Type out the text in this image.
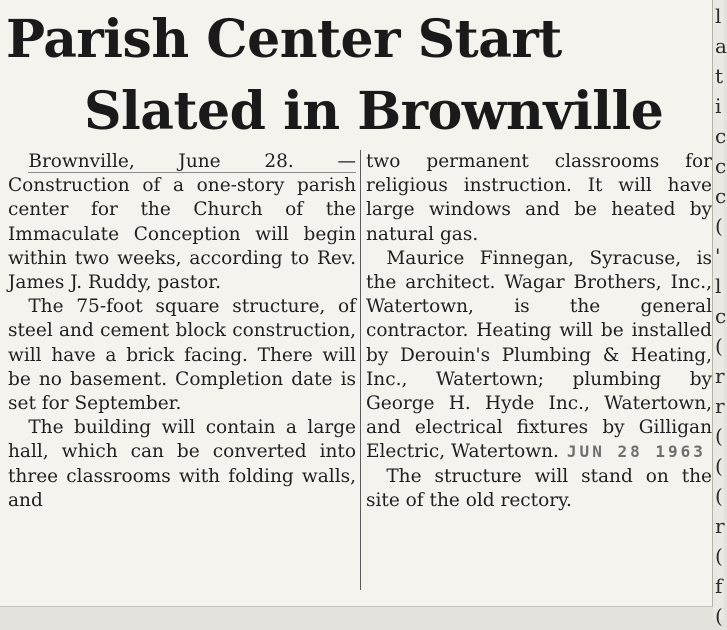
Parish Center Start
Slated in Brownville

Brownville, June 28. — Construction of a one-story parish center for the Church of the Immaculate Conception will begin within two weeks, according to Rev. James J. Ruddy, pastor.

The 75-foot square structure, of steel and cement block construction, will have a brick facing. There will be no basement. Completion date is set for September.

The building will contain a large hall, which can be converted into three classrooms with folding walls, and

two permanent classrooms for religious instruction. It will have large windows and be heated by natural gas.

Maurice Finnegan, Syracuse, is the architect. Wagar Brothers, Inc., Watertown, is the general contractor. Heating will be installed by Derouin's Plumbing & Heating, Inc., Watertown; plumbing by George H. Hyde Inc., Watertown, and electrical fixtures by Gilligan Electric, Watertown. JUN 28 1963

The structure will stand on the site of the old rectory.

l
a
t
i
c
c
c
(
'
l
c
(
r
r
(
(
(
r
(
f
(
